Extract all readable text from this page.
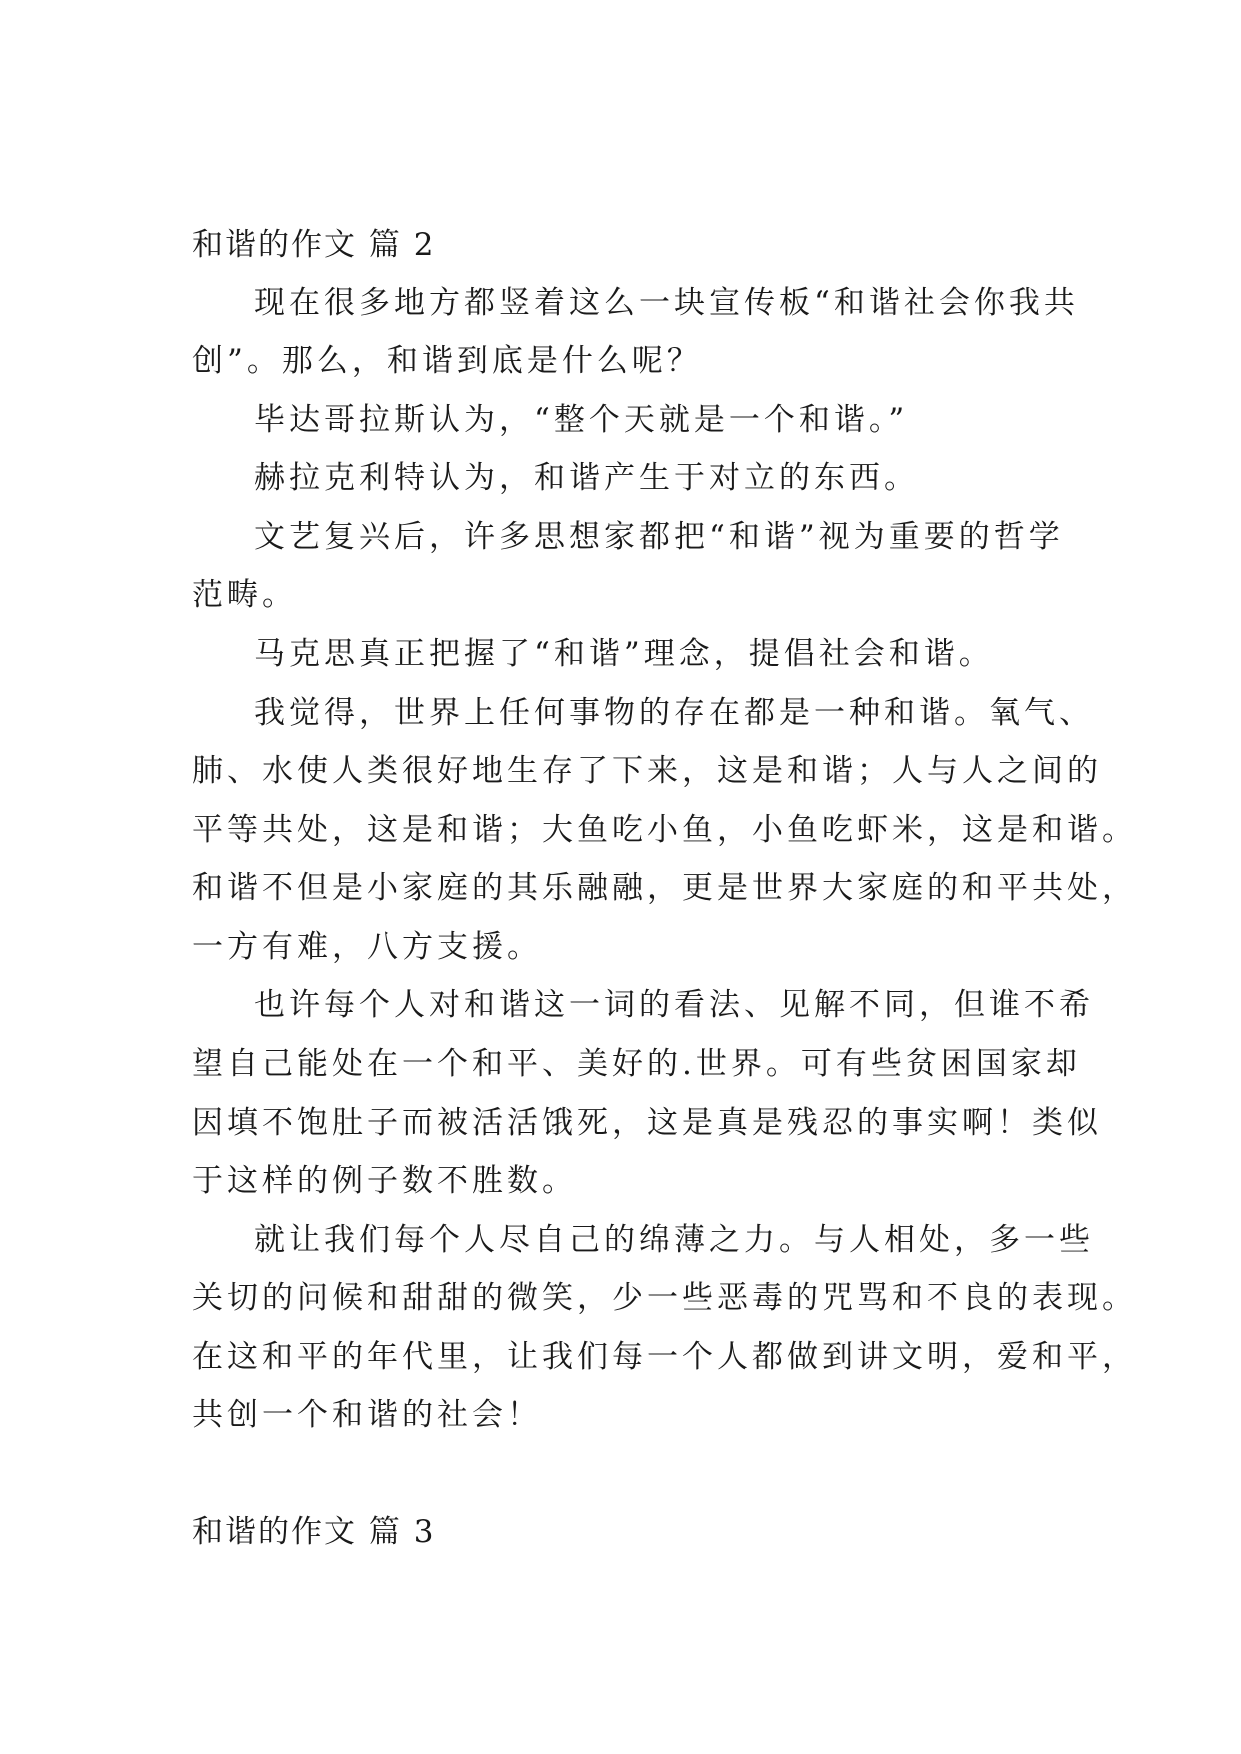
和谐的作文 篇 2
现在很多地方都竖着这么一块宣传板“和谐社会你我共
创”。那么，和谐到底是什么呢？
毕达哥拉斯认为，“整个天就是一个和谐。”
赫拉克利特认为，和谐产生于对立的东西。
文艺复兴后，许多思想家都把“和谐”视为重要的哲学
范畴。
马克思真正把握了“和谐”理念，提倡社会和谐。
我觉得，世界上任何事物的存在都是一种和谐。氧气、
肺、水使人类很好地生存了下来，这是和谐；人与人之间的
平等共处，这是和谐；大鱼吃小鱼，小鱼吃虾米，这是和谐。
和谐不但是小家庭的其乐融融，更是世界大家庭的和平共处，
一方有难，八方支援。
也许每个人对和谐这一词的看法、见解不同，但谁不希
望自己能处在一个和平、美好的.世界。可有些贫困国家却
因填不饱肚子而被活活饿死，这是真是残忍的事实啊！类似
于这样的例子数不胜数。
就让我们每个人尽自己的绵薄之力。与人相处，多一些
关切的问候和甜甜的微笑，少一些恶毒的咒骂和不良的表现。
在这和平的年代里，让我们每一个人都做到讲文明，爱和平，
共创一个和谐的社会！
和谐的作文 篇 3
